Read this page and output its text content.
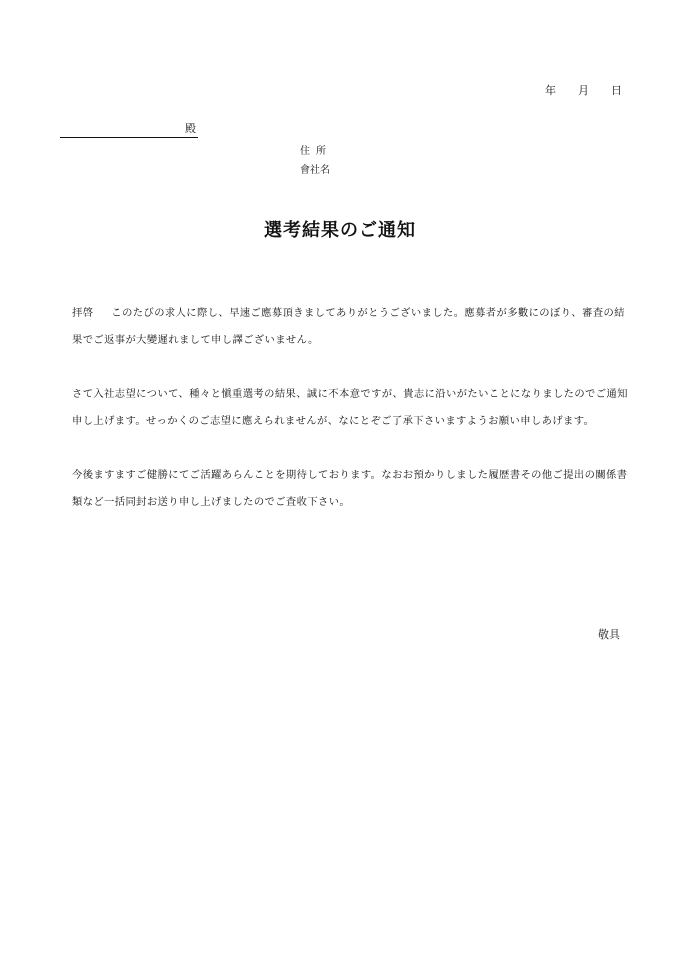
年 月 日
殿
住所
會社名
選考結果のご通知

拝啓 このたびの求人に際し、早速ご應募頂きましてありがとうございました。應募者が多數にのぼり、審査の結果でご返事が大變遲れまして申し譯ございません。

さて入社志望について、種々と愼重選考の結果、誠に不本意ですが、貴志に沿いがたいことになりましたのでご通知申し上げます。せっかくのご志望に應えられませんが、なにとぞご了承下さいますようお願い申しあげます。

今後ますますご健勝にてご活躍あらんことを期待しております。なおお預かりしました履歴書その他ご提出の關係書類など一括同封お送り申し上げましたのでご査收下さい。

敬具
